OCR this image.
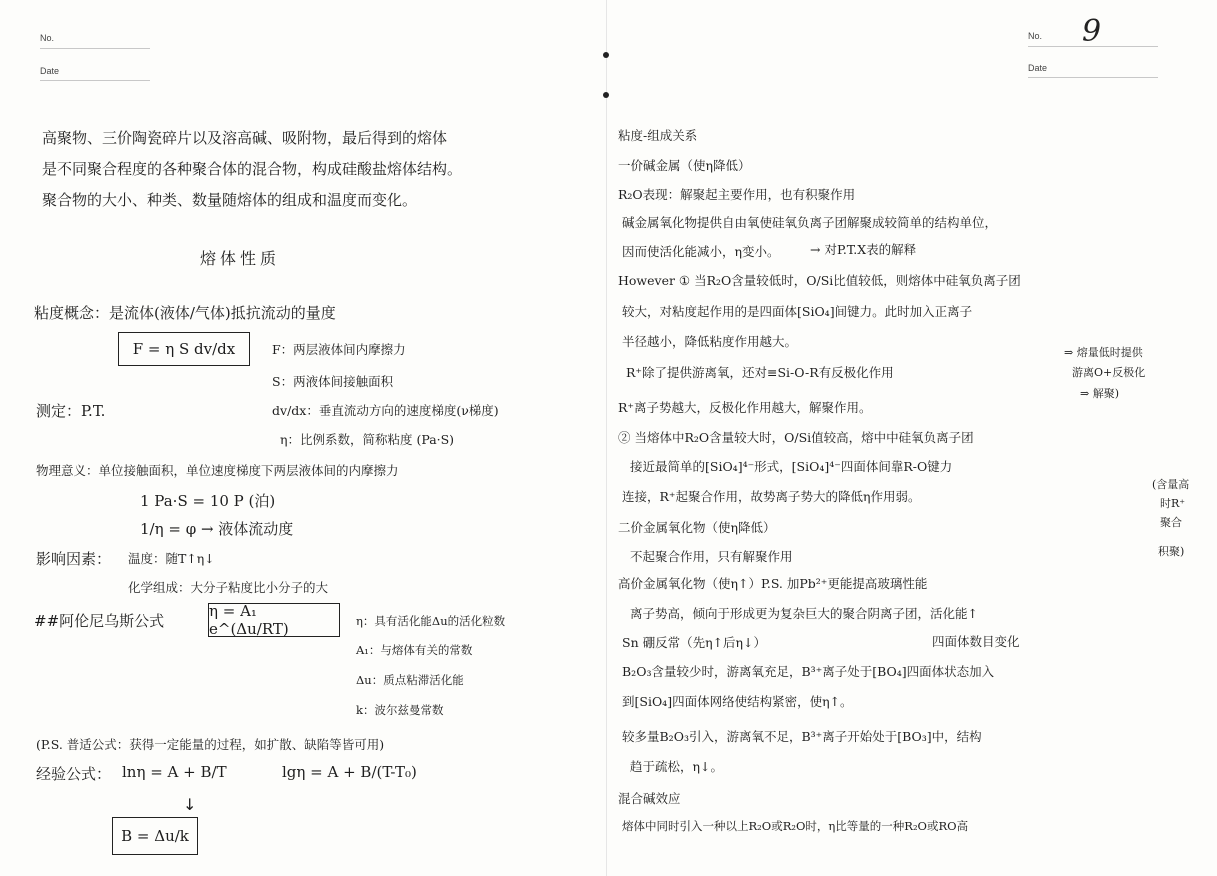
No.
Date
高聚物、三价陶瓷碎片以及溶高碱、吸附物，最后得到的熔体
是不同聚合程度的各种聚合体的混合物，构成硅酸盐熔体结构。
聚合物的大小、种类、数量随熔体的组成和温度而变化。
熔体性质
粘度概念：是流体(液体/气体)抵抗流动的量度
F = η S dv/dx	F：两层液体间内摩擦力
S：两液体间接触面积
测定：P.T.	dv/dx：垂直流动方向的速度梯度(ν梯度)
η：比例系数，简称粘度 (Pa·S)
物理意义：单位接触面积，单位速度梯度下两层液体间的内摩擦力
1 Pa·S = 10 P (泊)
1/η = φ → 液体流动度
影响因素： 温度：随T↑η↓
化学组成：大分子粘度比小分子的大
##阿伦尼乌斯公式
η = A₁ e^(Δu/RT)	η：具有活化能Δu的活化粒数
A₁：与熔体有关的常数
Δu：质点粘滞活化能
k：波尔兹曼常数
(P.S. 普适公式：获得一定能量的过程，如扩散、缺陷等皆可用)
经验公式： lnη = A + B/T	lgη = A + B/(T-T₀)
↓
B = Δu/k
No. 9
Date
粘度-组成关系
一价碱金属（使η降低）
R₂O表现：解聚起主要作用，也有积聚作用
碱金属氧化物提供自由氧使硅氧负离子团解聚成较简单的结构单位，
因而使活化能减小，η变小。 → 对P.T.X表的解释
However ① 当R₂O含量较低时，O/Si比值较低，则熔体中硅氧负离子团
较大，对粘度起作用的是四面体[SiO₄]间键力。此时加入正离子
半径越小，降低粘度作用越大。
R⁺除了提供游离氧，还对≡Si-O-R有反极化作用
⇒ 熔量低时提供
游离O+反极化
⇒ 解聚)
R⁺离子势越大，反极化作用越大，解聚作用。
② 当熔体中R₂O含量较大时，O/Si值较高，熔中中硅氧负离子团
接近最简单的[SiO₄]⁴⁻形式，[SiO₄]⁴⁻四面体间靠R-O键力
连接，R⁺起聚合作用，故势离子势大的降低η作用弱。
(含量高
时R⁺
聚合
积聚)
二价金属氧化物（使η降低）
不起聚合作用，只有解聚作用
高价金属氧化物（使η↑）P.S. 加Pb²⁺更能提高玻璃性能
离子势高，倾向于形成更为复杂巨大的聚合阴离子团，活化能↑
Sn 硼反常（先η↑后η↓）	四面体数目变化
B₂O₃含量较少时，游离氧充足，B³⁺离子处于[BO₄]四面体状态加入
到[SiO₄]四面体网络使结构紧密，使η↑。
较多量B₂O₃引入，游离氧不足，B³⁺离子开始处于[BO₃]中，结构
趋于疏松，η↓。
混合碱效应
熔体中同时引入一种以上R₂O或R₂O时，η比等量的一种R₂O或RO高
